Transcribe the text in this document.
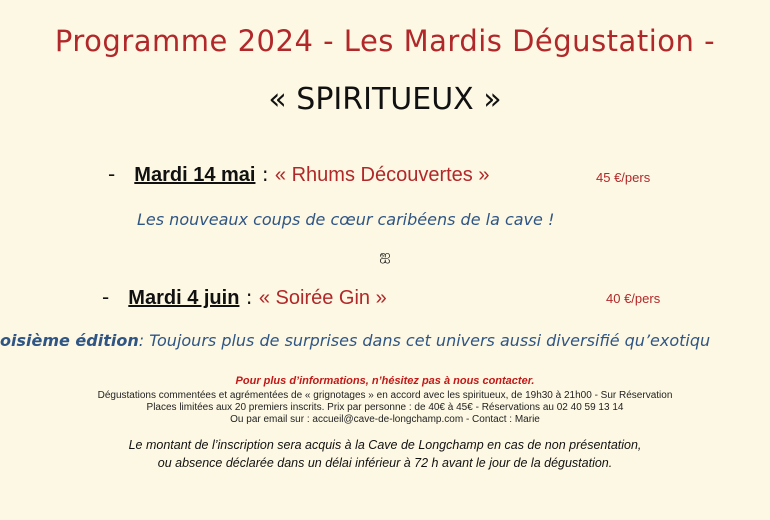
Programme 2024 - Les Mardis Dégustation -
« SPIRITUEUX »
- Mardi 14 mai : « Rhums Découvertes »	45 €/pers
Les nouveaux coups de cœur caribéens de la cave !
ஐ
- Mardi 4 juin : « Soirée Gin »	40 €/pers
oisième édition: Toujours plus de surprises dans cet univers aussi diversifié qu’exotiqu
Pour plus d’informations, n’hésitez pas à nous contacter.
Dégustations commentées et agrémentées de « grignotages » en accord avec les spiritueux, de 19h30 à 21h00 - Sur Réservation
Places limitées aux 20 premiers inscrits. Prix par personne : de 40€ à 45€ - Réservations au 02 40 59 13 14
Ou par email sur : accueil@cave-de-longchamp.com - Contact : Marie
Le montant de l’inscription sera acquis à la Cave de Longchamp en cas de non présentation,
ou absence déclarée dans un délai inférieur à 72 h avant le jour de la dégustation.
